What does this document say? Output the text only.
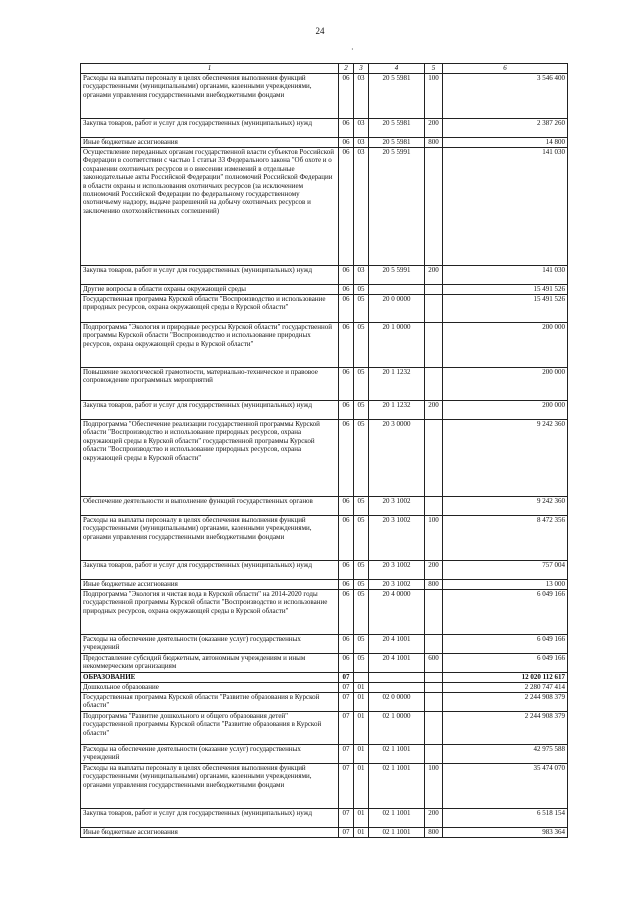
24
·
1	2	3	4	5	6
Расходы на выплаты персоналу в целях обеспечения выполнения функций государственными (муниципальными) органами, казенными учреждениями, органами управления государственными внебюджетными фондами	06	03	20 5 5981	100	3 546 400
Закупка товаров, работ и услуг для государственных (муниципальных) нужд	06	03	20 5 5981	200	2 387 260
Иные бюджетные ассигнования	06	03	20 5 5981	800	14 800
Осуществление переданных органам государственной власти субъектов Российской Федерации в соответствии с частью 1 статьи 33 Федерального закона "Об охоте и о сохранении охотничьих ресурсов и о внесении изменений в отдельные законодательные акты Российской Федерации" полномочий Российской Федерации в области охраны и использования охотничьих ресурсов (за исключением полномочий Российской Федерации по федеральному государственному охотничьему надзору, выдаче разрешений на добычу охотничьих ресурсов и заключению охотхозяйственных соглешений)	06	03	20 5 5991		141 030
Закупка товаров, работ и услуг для государственных (муниципальных) нужд	06	03	20 5 5991	200	141 030
Другие вопросы в области охраны окружающей среды	06	05			15 491 526
Государственная программа Курской области "Воспроизводство и использование природных ресурсов, охрана окружающей среды в Курской области"	06	05	20 0 0000		15 491 526
Подпрограмма "Экология и природные ресурсы Курской области" государственной программы Курской области "Воспроизводство и использование природных ресурсов, охрана окружающей среды в Курской области"	06	05	20 1 0000		200 000
Повышение экологической грамотности, материально-техническое и правовое сопровождение программных мероприятий	06	05	20 1 1232		200 000
Закупка товаров, работ и услуг для государственных (муниципальных) нужд	06	05	20 1 1232	200	200 000
Подпрограмма "Обеспечение реализации государственной программы Курской области "Воспроизводство и использование природных ресурсов, охрана окружающей среды в Курской области" государственной программы Курской области "Воспроизводство и использование природных ресурсов, охрана окружающей среды в Курской области"	06	05	20 3 0000		9 242 360
Обеспечение деятельности и выполнение функций государственных органов	06	05	20 3 1002		9 242 360
Расходы на выплаты персоналу в целях обеспечения выполнения функций государственными (муниципальными) органами, казенными учреждениями, органами управления государственными внебюджетными фондами	06	05	20 3 1002	100	8 472 356
Закупка товаров, работ и услуг для государственных (муниципальных) нужд	06	05	20 3 1002	200	757 004
Иные бюджетные ассигнования	06	05	20 3 1002	800	13 000
Подпрограмма "Экология и чистая вода в Курской области" на 2014-2020 годы государственной программы Курской области "Воспроизводство и использование природных ресурсов, охрана окружающей среды в Курской области"	06	05	20 4 0000		6 049 166
Расходы на обеспечение деятельности (оказание услуг) государственных учреждений	06	05	20 4 1001		6 049 166
Предоставление субсидий бюджетным, автономным учреждениям и иным некоммерческим организациям	06	05	20 4 1001	600	6 049 166
ОБРАЗОВАНИЕ	07				12 020 112 617
Дошкольное образование	07	01			2 280 747 414
Государственная программа Курской области "Развитие образования в Курской области"	07	01	02 0 0000		2 244 908 379
Подпрограмма "Развитие дошкольного и общего образования детей" государственной программы Курской области "Развитие образования в Курской области"	07	01	02 1 0000		2 244 908 379
Расходы на обеспечение деятельности (оказание услуг) государственных учреждений	07	01	02 1 1001		42 975 588
Расходы на выплаты персоналу в целях обеспечения выполнения функций государственными (муниципальными) органами, казенными учреждениями, органами управления государственными внебюджетными фондами	07	01	02 1 1001	100	35 474 070
Закупка товаров, работ и услуг для государственных (муниципальных) нужд	07	01	02 1 1001	200	6 518 154
Иные бюджетные ассигнования	07	01	02 1 1001	800	983 364
